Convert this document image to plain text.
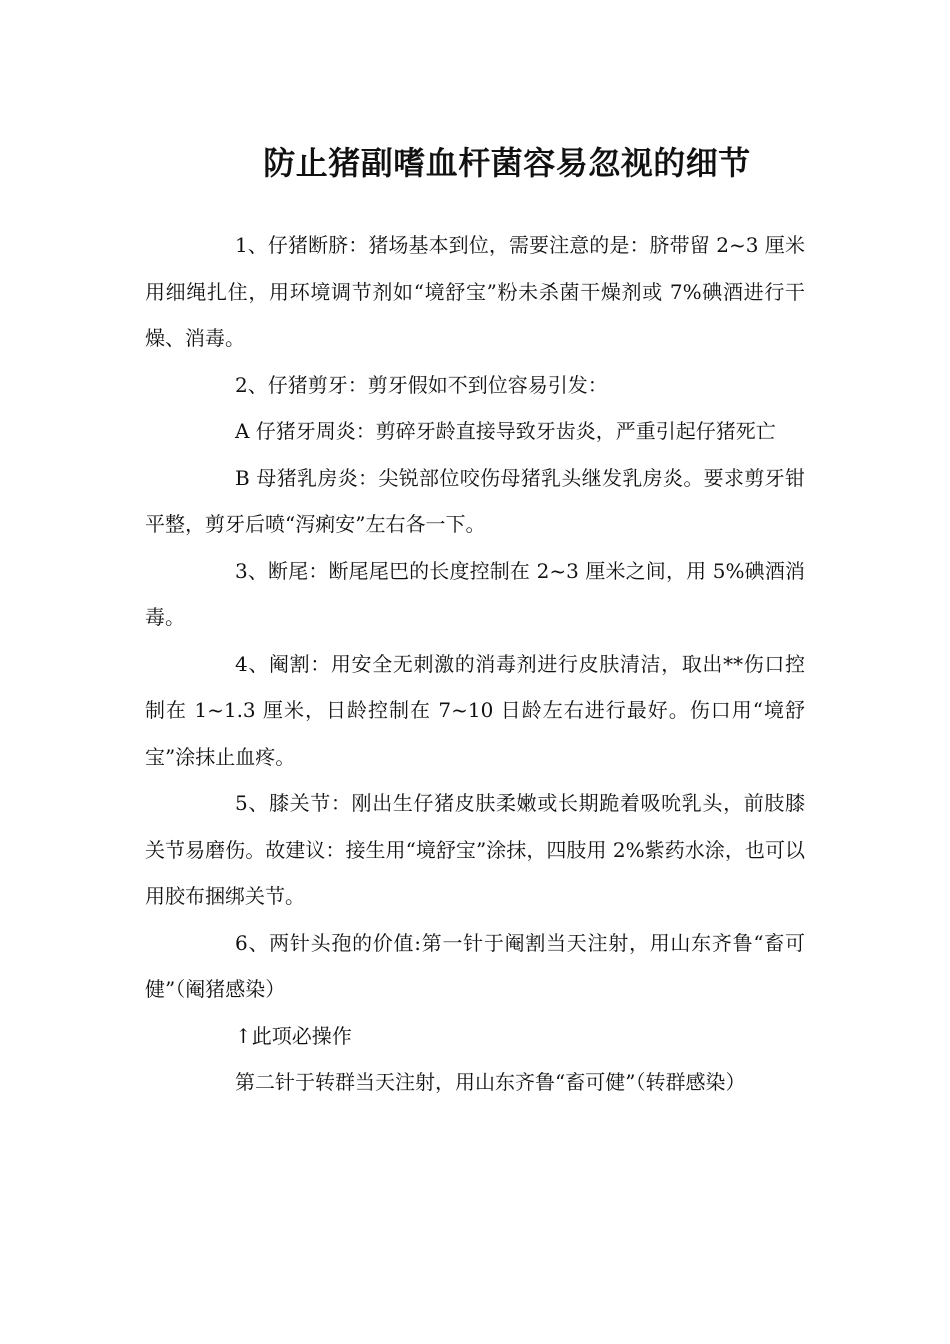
防止猪副嗜血杆菌容易忽视的细节

1、仔猪断脐：猪场基本到位，需要注意的是：脐带留 2~3 厘米用细绳扎住，用环境调节剂如“境舒宝”粉未杀菌干燥剂或 7%碘酒进行干燥、消毒。

2、仔猪剪牙：剪牙假如不到位容易引发：

A 仔猪牙周炎：剪碎牙龄直接导致牙齿炎，严重引起仔猪死亡

B 母猪乳房炎：尖锐部位咬伤母猪乳头继发乳房炎。要求剪牙钳平整，剪牙后喷“泻痢安”左右各一下。

3、断尾：断尾尾巴的长度控制在 2~3 厘米之间，用 5%碘酒消毒。

4、阉割：用安全无刺激的消毒剂进行皮肤清洁，取出**伤口控制在 1~1.3 厘米，日龄控制在 7~10 日龄左右进行最好。伤口用“境舒宝”涂抹止血疼。

5、膝关节：刚出生仔猪皮肤柔嫩或长期跪着吸吮乳头，前肢膝关节易磨伤。故建议：接生用“境舒宝”涂抹，四肢用 2%紫药水涂，也可以用胶布捆绑关节。

6、两针头孢的价值:第一针于阉割当天注射，用山东齐鲁“畜可健”（阉猪感染）

↑此项必操作

第二针于转群当天注射，用山东齐鲁“畜可健”（转群感染）
